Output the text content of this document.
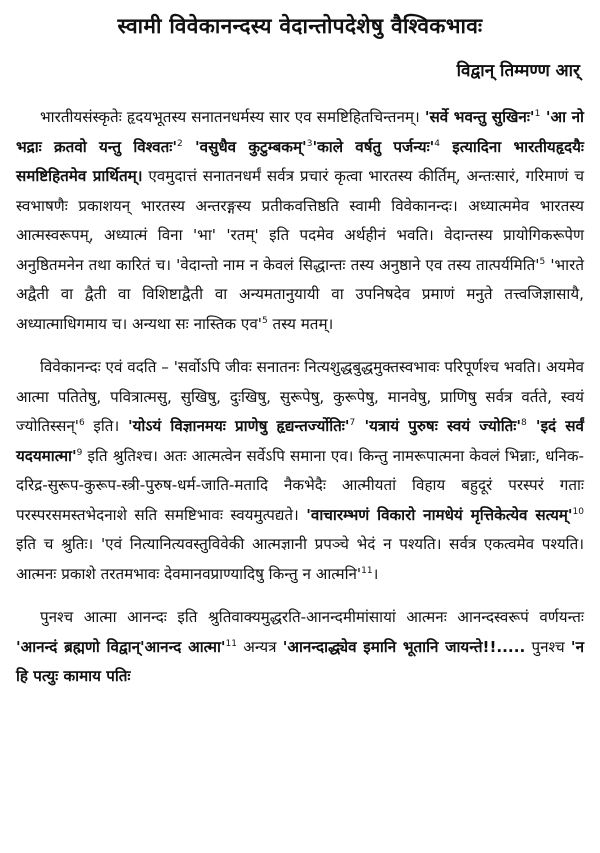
स्वामी विवेकानन्दस्य वेदान्तोपदेशेषु वैश्विकभावः
विद्वान् तिम्मण्ण आर्

भारतीयसंस्कृतेः हृदयभूतस्य सनातनधर्मस्य सार एव समष्टिहितचिन्तनम्। 'सर्वे भवन्तु $सुखिनः'^1$ 'आ नो भद्राः क्रतवो यन्तु $विश्वतः'^2$ 'वसुधैव $कुटुम्बकम्'^3'काले$ वर्षतु $पर्जन्यः'^4$ इत्यादिना भारतीयहृदयैः समष्टिहितमेव प्रार्थितम्। एवमुदात्तं सनातनधर्मं सर्वत्र प्रचारं कृत्वा भारतस्य कीर्तिम्, अन्तःसारं, गरिमाणं च स्वभाषणैः प्रकाशयन् भारतस्य अन्तरङ्गस्य प्रतीकवत्तिष्ठति स्वामी विवेकानन्दः। अध्यात्ममेव भारतस्य आत्मस्वरूपम्, अध्यात्मं विना 'भा' 'रतम्' इति पदमेव अर्थहीनं भवति। वेदान्तस्य प्रायोगिकरूपेण अनुष्ठितमनेन तथा कारितं च। 'वेदान्तो नाम न केवलं सिद्धान्तः तस्य अनुष्ठाने एव तस्य $तात्पर्यमिति'^5$ 'भारते अद्वैती वा द्वैती वा विशिष्टाद्वैती वा अन्यमतानुयायी वा उपनिषदेव प्रमाणं मनुते तत्त्वजिज्ञासायै, अध्यात्माधिगमाय च। अन्यथा सः नास्तिक $एव'^5$ तस्य मतम्।

विवेकानन्दः एवं वदति – 'सर्वोऽपि जीवः सनातनः नित्यशुद्धबुद्धमुक्तस्वभावः परिपूर्णश्च भवति। अयमेव आत्मा पतितेषु, पवित्रात्मसु, सुखिषु, दुःखिषु, सुरूपेषु, कुरूपेषु, मानवेषु, प्राणिषु सर्वत्र वर्तते, स्वयं $ज्योतिस्सन्'^6$ इति। 'योऽयं विज्ञानमयः प्राणेषु $हृद्यन्तर्ज्योतिः'^7$ 'यत्रायं पुरुषः स्वयं $ज्योतिः'^8$ 'इदं सर्वं $यदयमात्मा'^9$ इति श्रुतिश्च। अतः आत्मत्वेन सर्वेऽपि समाना एव। किन्तु नामरूपात्मना केवलं भिन्नाः, धनिक-दरिद्र-सुरूप-कुरूप-स्त्री-पुरुष-धर्म-जाति-मतादि नैकभेदैः आत्मीयतां विहाय बहुदूरं परस्परं गताः परस्परसमस्तभेदनाशे सति समष्टिभावः स्वयमुत्पद्यते। 'वाचारम्भणं विकारो नामधेयं मृत्तिकेत्येव $सत्यम्'^{10}$ इति च श्रुतिः। 'एवं नित्यानित्यवस्तुविवेकी आत्मज्ञानी प्रपञ्चे भेदं न पश्यति। सर्वत्र एकत्वमेव पश्यति। आत्मनः प्रकाशे तरतमभावः देवमानवप्राण्यादिषु किन्तु न $आत्मनि'^{11}।$

पुनश्च आत्मा आनन्दः इति श्रुतिवाक्यमुद्धरति-आनन्दमीमांसायां आत्मनः आनन्दस्वरूपं वर्णयन्तः 'आनन्दं ब्रह्मणो विद्वान्'आनन्द $आत्मा'^{11}$ अन्यत्र 'आनन्दाद्ध्येव इमानि भूतानि जायन्ते!!..... पुनश्च 'न हि पत्युः कामाय पतिः
